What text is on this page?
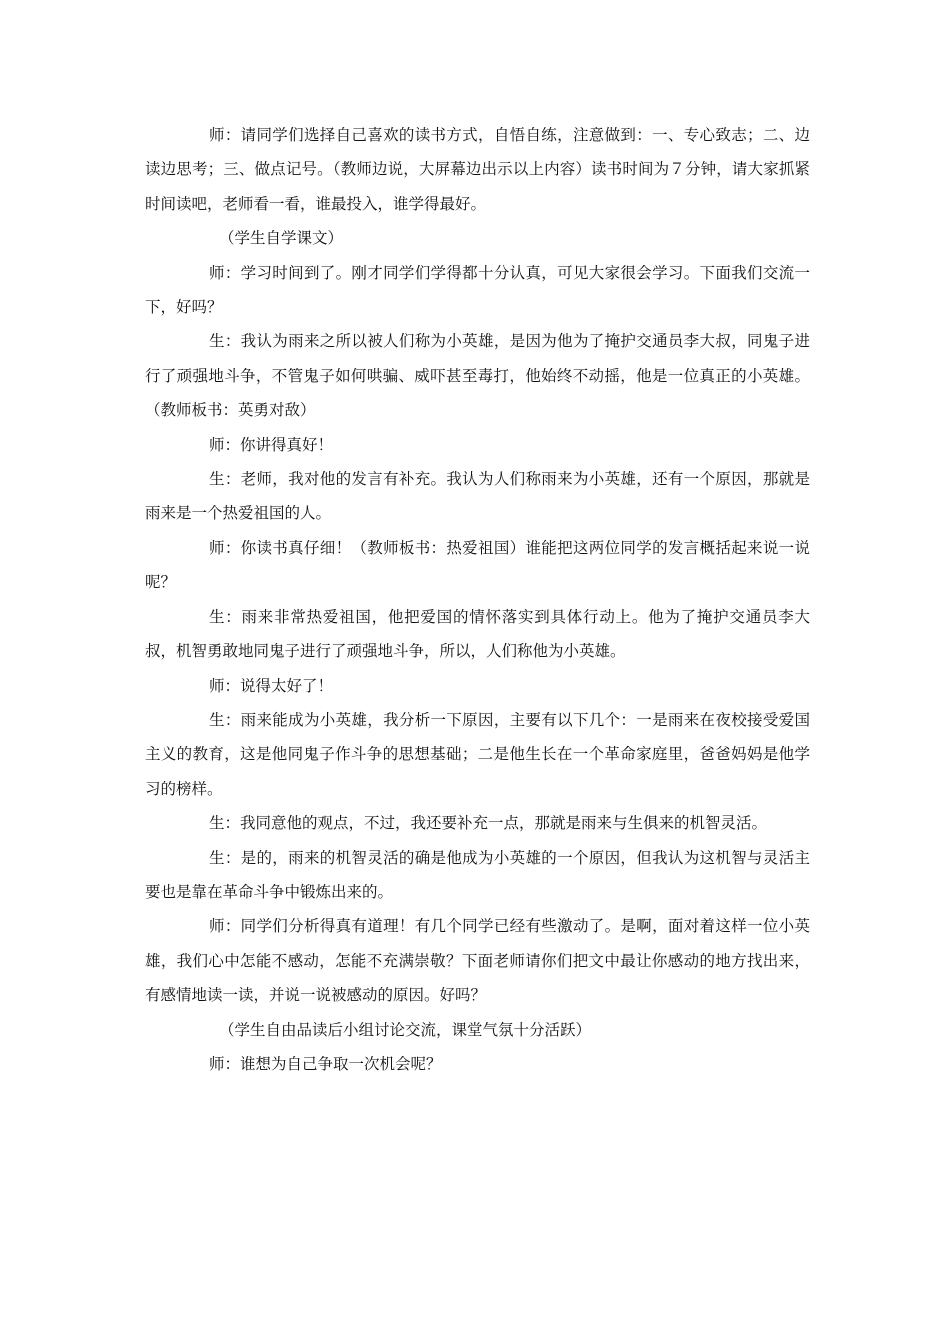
师：请同学们选择自己喜欢的读书方式，自悟自练，注意做到：一、专心致志；二、边读边思考；三、做点记号。（教师边说，大屏幕边出示以上内容）读书时间为７分钟，请大家抓紧时间读吧，老师看一看，谁最投入，谁学得最好。

（学生自学课文）

师：学习时间到了。刚才同学们学得都十分认真，可见大家很会学习。下面我们交流一下，好吗？

生：我认为雨来之所以被人们称为小英雄，是因为他为了掩护交通员李大叔，同鬼子进行了顽强地斗争，不管鬼子如何哄骗、威吓甚至毒打，他始终不动摇，他是一位真正的小英雄。（教师板书：英勇对敌）

师：你讲得真好！

生：老师，我对他的发言有补充。我认为人们称雨来为小英雄，还有一个原因，那就是雨来是一个热爱祖国的人。

师：你读书真仔细！（教师板书：热爱祖国）谁能把这两位同学的发言概括起来说一说呢？

生：雨来非常热爱祖国，他把爱国的情怀落实到具体行动上。他为了掩护交通员李大叔，机智勇敢地同鬼子进行了顽强地斗争，所以，人们称他为小英雄。

师：说得太好了！

生：雨来能成为小英雄，我分析一下原因，主要有以下几个：一是雨来在夜校接受爱国主义的教育，这是他同鬼子作斗争的思想基础；二是他生长在一个革命家庭里，爸爸妈妈是他学习的榜样。

生：我同意他的观点，不过，我还要补充一点，那就是雨来与生俱来的机智灵活。

生：是的，雨来的机智灵活的确是他成为小英雄的一个原因，但我认为这机智与灵活主要也是靠在革命斗争中锻炼出来的。

师：同学们分析得真有道理！有几个同学已经有些激动了。是啊，面对着这样一位小英雄，我们心中怎能不感动，怎能不充满崇敬？下面老师请你们把文中最让你感动的地方找出来，有感情地读一读，并说一说被感动的原因。好吗？

（学生自由品读后小组讨论交流，课堂气氛十分活跃）

师：谁想为自己争取一次机会呢？
